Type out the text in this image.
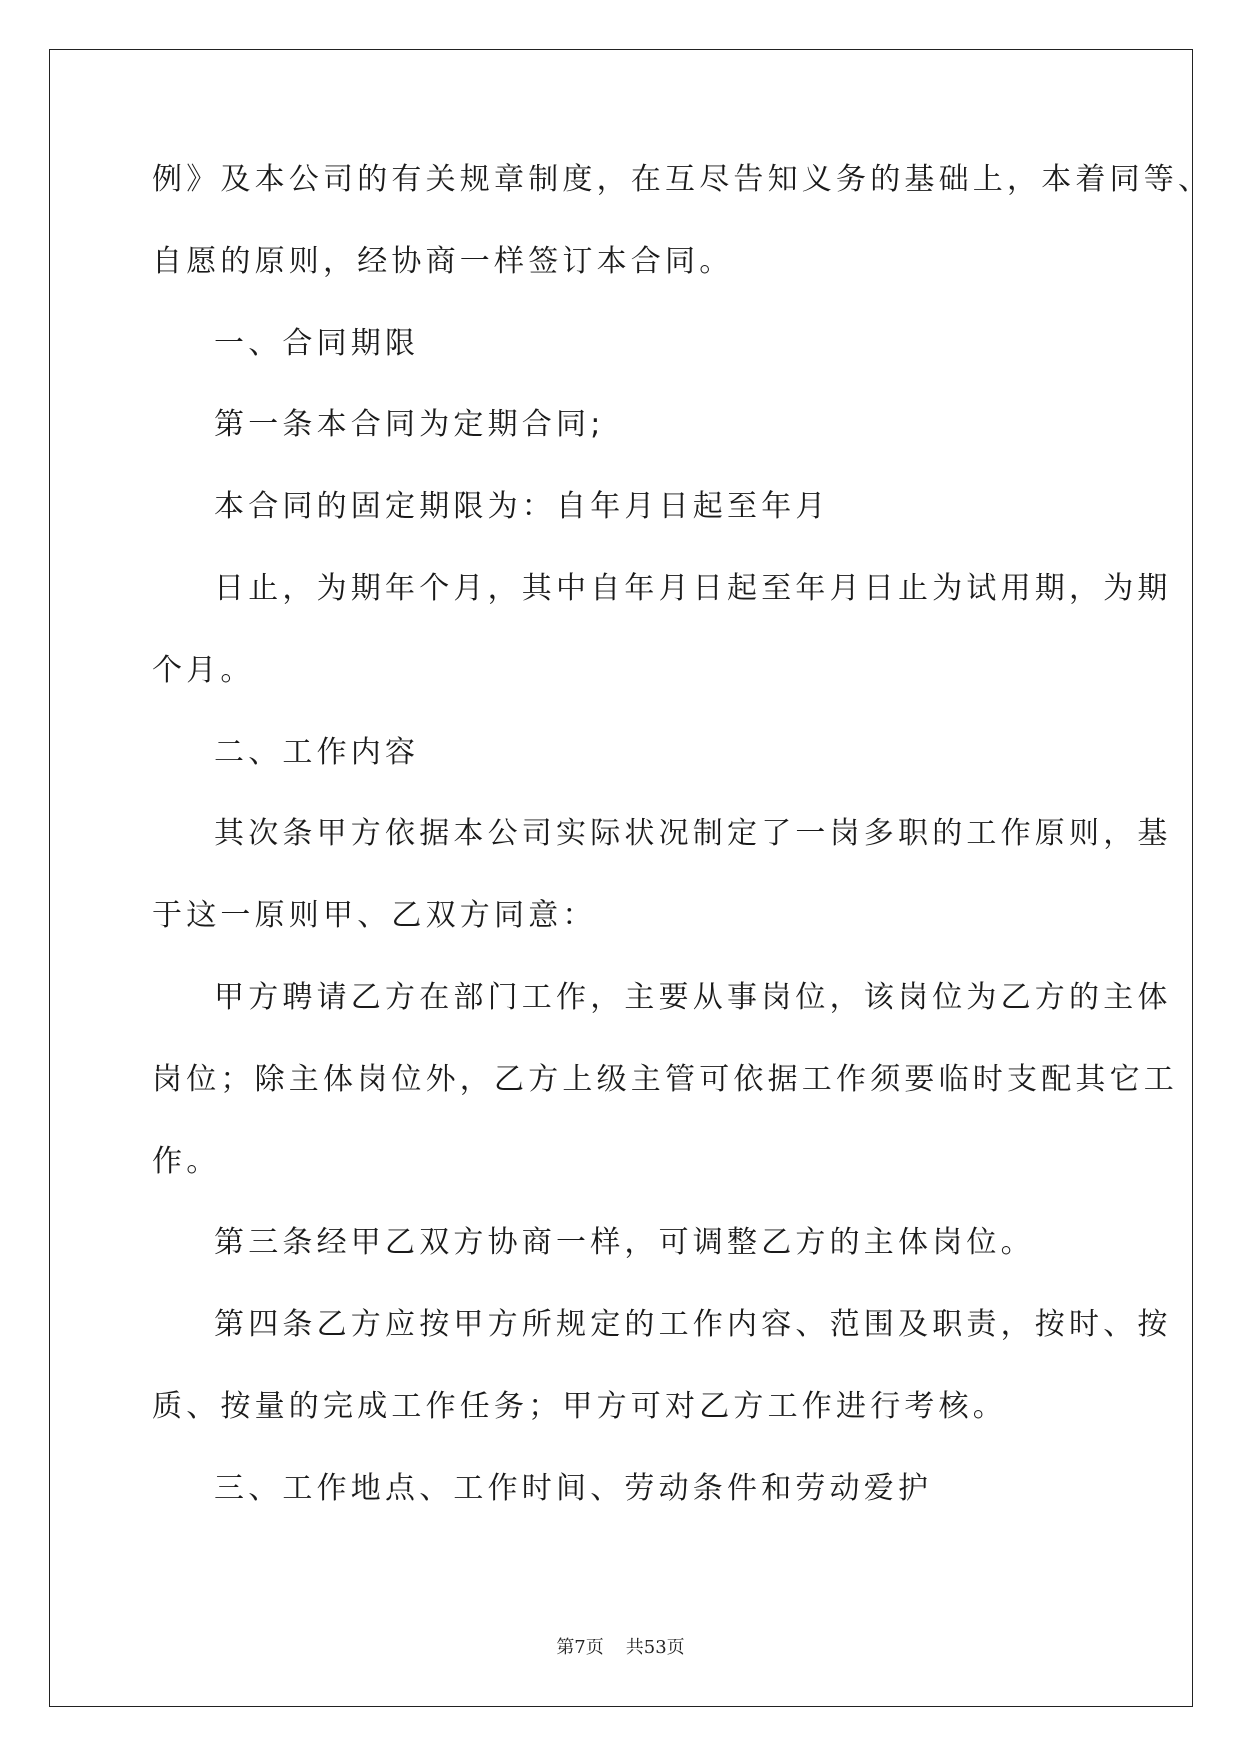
例》及本公司的有关规章制度，在互尽告知义务的基础上，本着同等、
自愿的原则，经协商一样签订本合同。
一、合同期限
第一条本合同为定期合同;
本合同的固定期限为：自年月日起至年月
日止，为期年个月，其中自年月日起至年月日止为试用期，为期
个月。
二、工作内容
其次条甲方依据本公司实际状况制定了一岗多职的工作原则，基
于这一原则甲、乙双方同意：
甲方聘请乙方在部门工作，主要从事岗位，该岗位为乙方的主体
岗位；除主体岗位外，乙方上级主管可依据工作须要临时支配其它工
作。
第三条经甲乙双方协商一样，可调整乙方的主体岗位。
第四条乙方应按甲方所规定的工作内容、范围及职责，按时、按
质、按量的完成工作任务；甲方可对乙方工作进行考核。
三、工作地点、工作时间、劳动条件和劳动爱护
第7页 共53页
